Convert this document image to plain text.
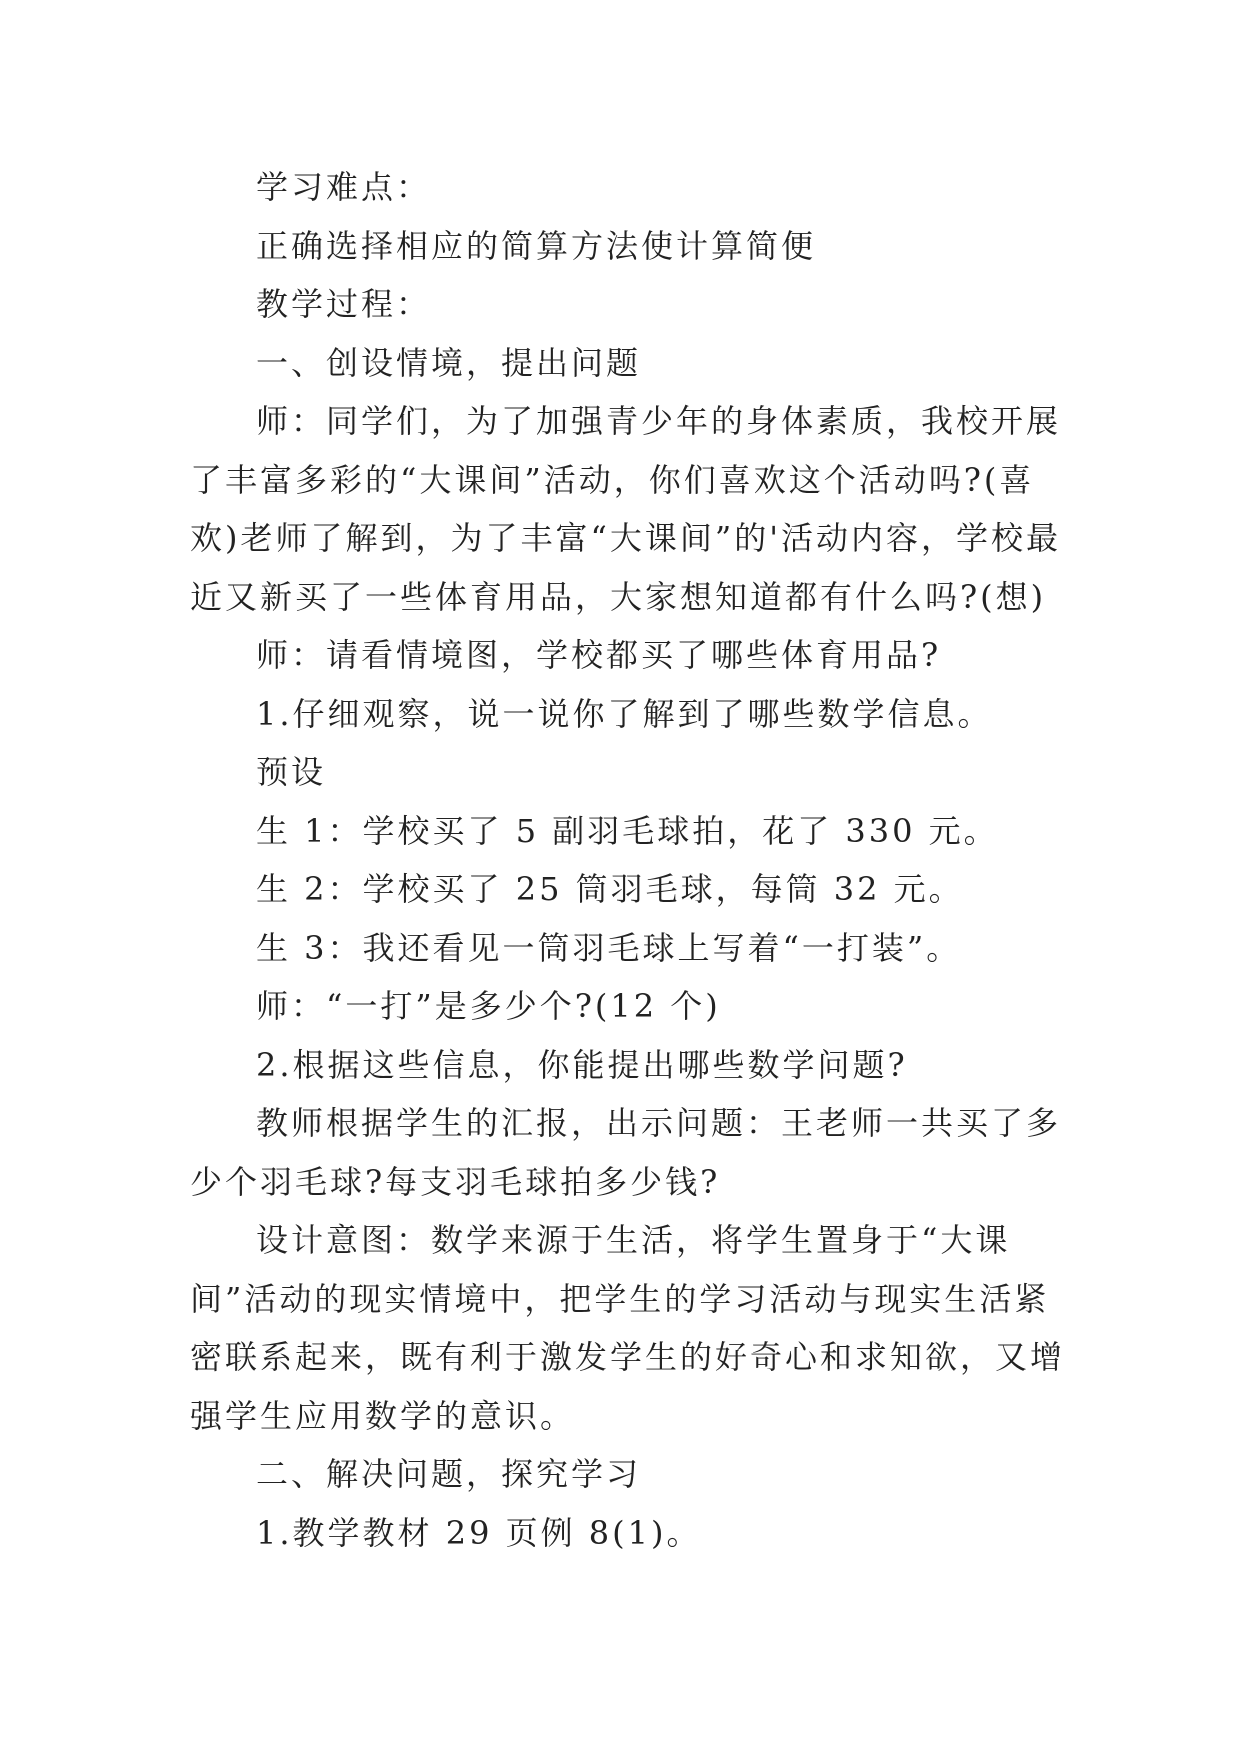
学习难点：

正确选择相应的简算方法使计算简便

教学过程：

一、创设情境，提出问题

师：同学们，为了加强青少年的身体素质，我校开展了丰富多彩的“大课间”活动，你们喜欢这个活动吗?(喜欢)老师了解到，为了丰富“大课间”的'活动内容，学校最近又新买了一些体育用品，大家想知道都有什么吗?(想)

师：请看情境图，学校都买了哪些体育用品?

1.仔细观察，说一说你了解到了哪些数学信息。

预设

生 1：学校买了 5 副羽毛球拍，花了 330 元。

生 2：学校买了 25 筒羽毛球，每筒 32 元。

生 3：我还看见一筒羽毛球上写着“一打装”。

师：“一打”是多少个?(12 个)

2.根据这些信息，你能提出哪些数学问题?

教师根据学生的汇报，出示问题：王老师一共买了多少个羽毛球?每支羽毛球拍多少钱?

设计意图：数学来源于生活，将学生置身于“大课间”活动的现实情境中，把学生的学习活动与现实生活紧密联系起来，既有利于激发学生的好奇心和求知欲，又增强学生应用数学的意识。

二、解决问题，探究学习

1.教学教材 29 页例 8(1)。
